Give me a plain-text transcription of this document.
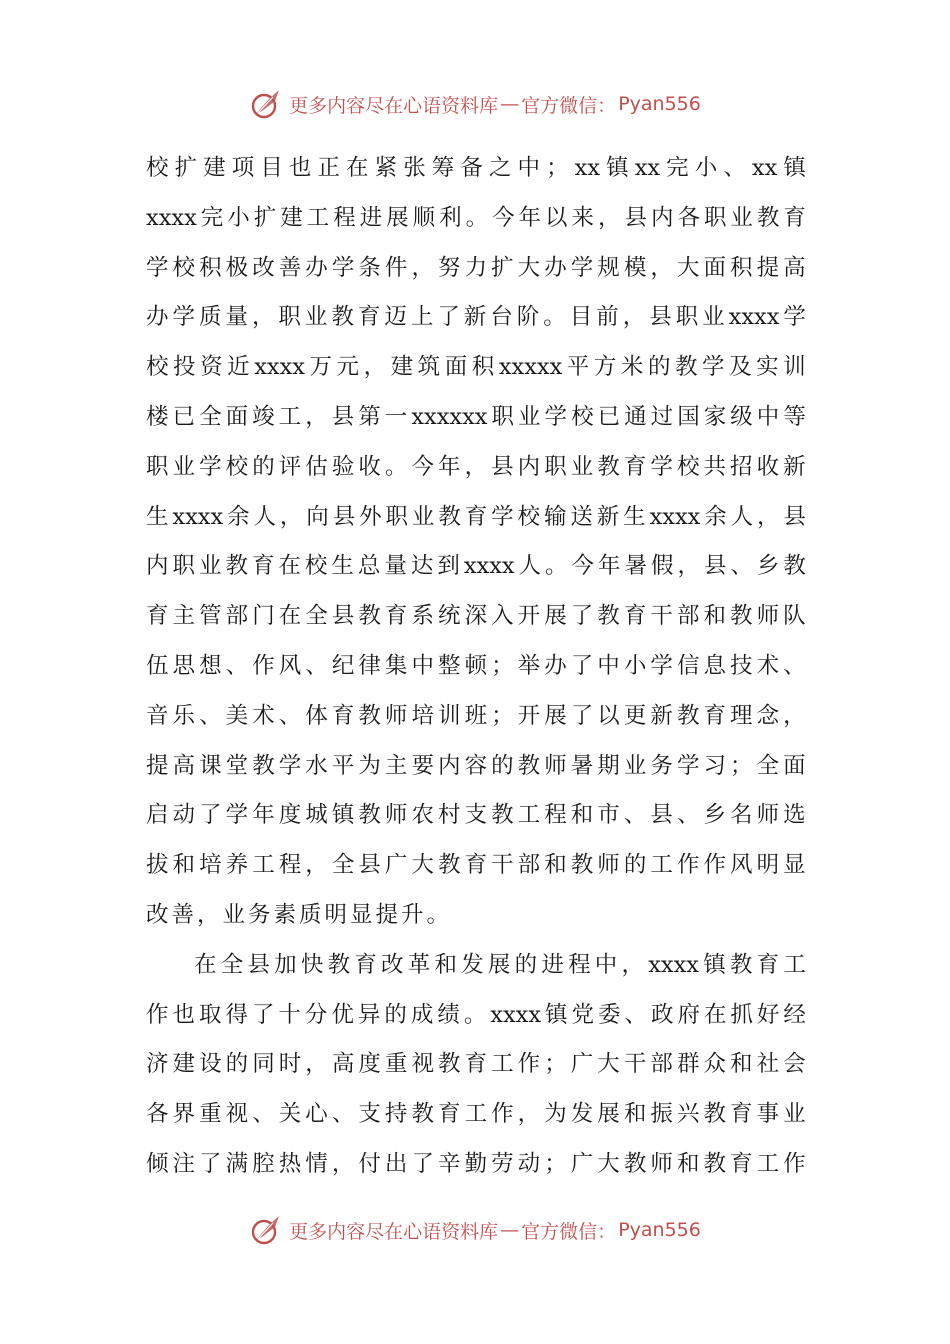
更多内容尽在心语资料库 — 官方微信： Pyan556
校 扩 建 项 目 也 正 在 紧 张 筹 备 之 中 ； xx 镇 xx 完 小 、 xx 镇
xxxx 完 小 扩 建 工 程 进 展 顺 利 。 今 年 以 来 ， 县 内 各 职 业 教 育
学 校 积 极 改 善 办 学 条 件 ， 努 力 扩 大 办 学 规 模 ， 大 面 积 提 高
办 学 质 量 ， 职 业 教 育 迈 上 了 新 台 阶 。 目 前 ， 县 职 业 xxxx 学
校 投 资 近 xxxx 万 元 ， 建 筑 面 积 xxxxx 平 方 米 的 教 学 及 实 训
楼 已 全 面 竣 工 ， 县 第 一 xxxxxx 职 业 学 校 已 通 过 国 家 级 中 等
职 业 学 校 的 评 估 验 收 。 今 年 ， 县 内 职 业 教 育 学 校 共 招 收 新
生 xxxx 余 人 ， 向 县 外 职 业 教 育 学 校 输 送 新 生 xxxx 余 人 ， 县
内 职 业 教 育 在 校 生 总 量 达 到 xxxx 人 。 今 年 暑 假 ， 县 、 乡 教
育 主 管 部 门 在 全 县 教 育 系 统 深 入 开 展 了 教 育 干 部 和 教 师 队
伍 思 想 、 作 风 、 纪 律 集 中 整 顿 ； 举 办 了 中 小 学 信 息 技 术 、
音 乐 、 美 术 、 体 育 教 师 培 训 班 ； 开 展 了 以 更 新 教 育 理 念 ，
提 高 课 堂 教 学 水 平 为 主 要 内 容 的 教 师 暑 期 业 务 学 习 ； 全 面
启 动 了 学 年 度 城 镇 教 师 农 村 支 教 工 程 和 市 、 县 、 乡 名 师 选
拔 和 培 养 工 程 ， 全 县 广 大 教 育 干 部 和 教 师 的 工 作 作 风 明 显
改善，业务素质明显提升。
在 全 县 加 快 教 育 改 革 和 发 展 的 进 程 中 ， xxxx 镇 教 育 工
作 也 取 得 了 十 分 优 异 的 成 绩 。 xxxx 镇 党 委 、 政 府 在 抓 好 经
济 建 设 的 同 时 ， 高 度 重 视 教 育 工 作 ； 广 大 干 部 群 众 和 社 会
各 界 重 视 、 关 心 、 支 持 教 育 工 作 ， 为 发 展 和 振 兴 教 育 事 业
倾 注 了 满 腔 热 情 ， 付 出 了 辛 勤 劳 动 ； 广 大 教 师 和 教 育 工 作
更多内容尽在心语资料库 — 官方微信： Pyan556
